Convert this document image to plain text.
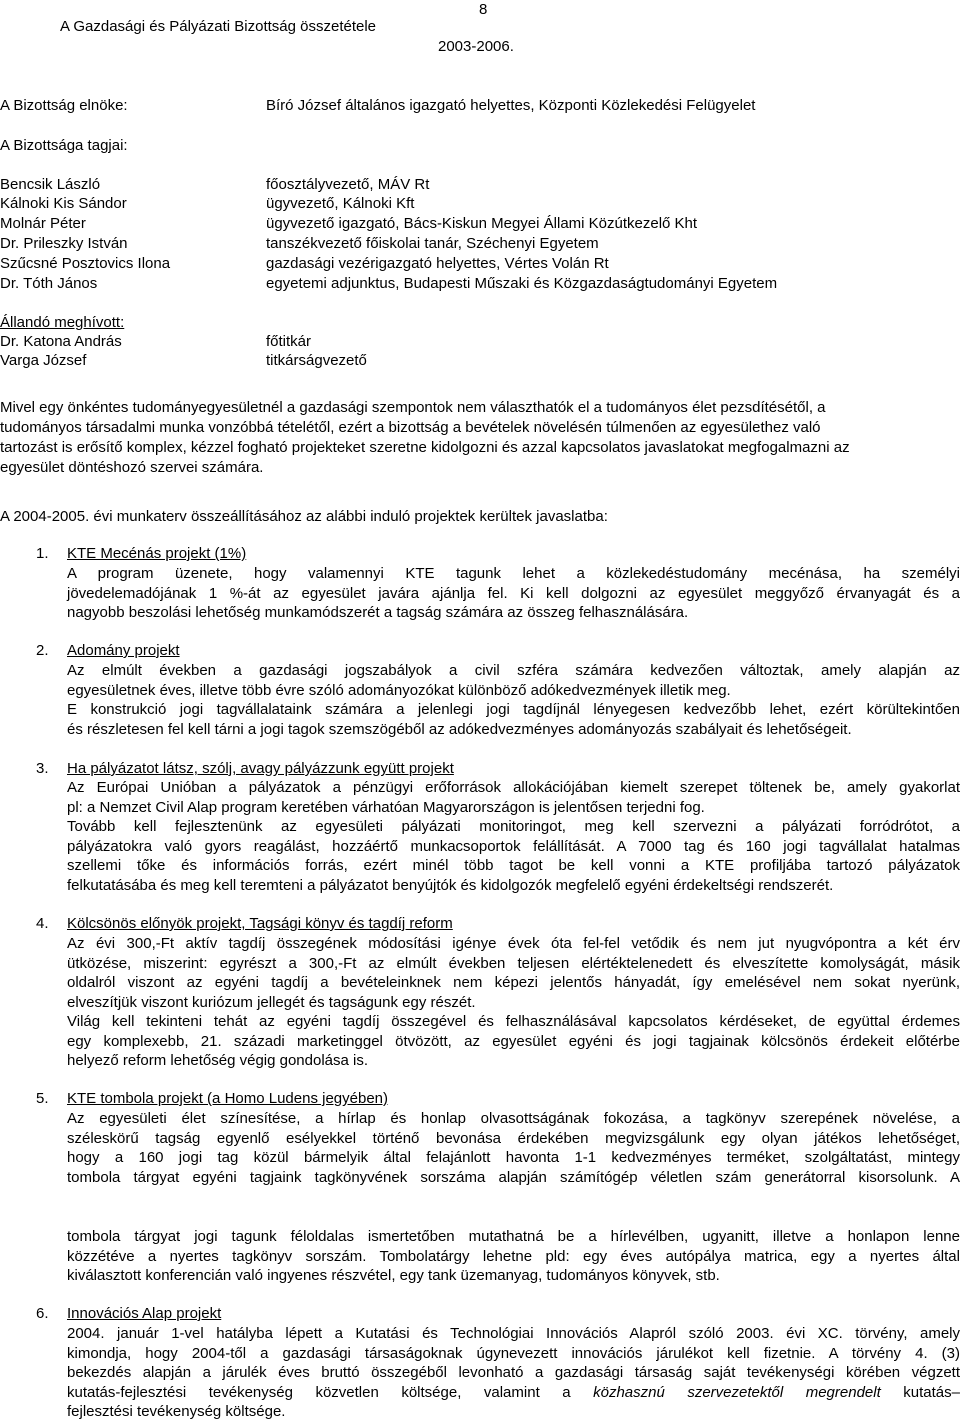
A Gazdasági és Pályázati Bizottság összetétele
8
2003-2006.
A Bizottság elnöke:	Bíró József általános igazgató helyettes, Központi Közlekedési Felügyelet
A Bizottsága tagjai:
Bencsik László	főosztályvezető, MÁV Rt
Kálnoki Kis Sándor	ügyvezető, Kálnoki Kft
Molnár Péter	ügyvezető igazgató, Bács-Kiskun Megyei Állami Közútkezelő Kht
Dr. Prileszky István	tanszékvezető főiskolai tanár, Széchenyi Egyetem
Szűcsné Posztovics Ilona	gazdasági vezérigazgató helyettes, Vértes Volán Rt
Dr. Tóth János	egyetemi adjunktus, Budapesti Műszaki és Közgazdaságtudományi Egyetem
Állandó meghívott:
Dr. Katona András	főtitkár
Varga József	titkárságvezető

Mivel egy önkéntes tudományegyesületnél a gazdasági szempontok nem választhatók el a tudományos élet pezsdítésétől, a

tudományos társadalmi munka vonzóbbá tételétől, ezért a bizottság a bevételek növelésén túlmenően az egyesülethez való

tartozást is erősítő komplex, kézzel fogható projekteket szeretne kidolgozni és azzal kapcsolatos javaslatokat megfogalmazni az

egyesület döntéshozó szervei számára.

A 2004-2005. évi munkaterv összeállításához az alábbi induló projektek kerültek javaslatba:
1. KTE Mecénás projekt (1%)

A program üzenete, hogy valamennyi KTE tagunk lehet a közlekedéstudomány mecénása, ha személyi

jövedelemadójának 1 %-át az egyesület javára ajánlja fel. Ki kell dolgozni az egyesület meggyőző érvanyagát és a

nagyobb beszolási lehetőség munkamódszerét a tagság számára az összeg felhasználására.

2. Adomány projekt

Az elmúlt években a gazdasági jogszabályok a civil szféra számára kedvezően változtak, amely alapján az

egyesületnek éves, illetve több évre szóló adományozókat különböző adókedvezmények illetik meg.

E konstrukció jogi tagvállalataink számára a jelenlegi jogi tagdíjnál lényegesen kedvezőbb lehet, ezért körültekintően

és részletesen fel kell tárni a jogi tagok szemszögéből az adókedvezményes adományozás szabályait és lehetőségeit.

3. Ha pályázatot látsz, szólj, avagy pályázzunk együtt projekt

Az Európai Unióban a pályázatok a pénzügyi erőforrások allokációjában kiemelt szerepet töltenek be, amely gyakorlat

pl: a Nemzet Civil Alap program keretében várhatóan Magyarországon is jelentősen terjedni fog.

Tovább kell fejlesztenünk az egyesületi pályázati monitoringot, meg kell szervezni a pályázati forródrótot, a

pályázatokra való gyors reagálást, hozzáértő munkacsoportok felállítását. A 7000 tag és 160 jogi tagvállalat hatalmas

szellemi tőke és információs forrás, ezért minél több tagot be kell vonni a KTE profiljába tartozó pályázatok

felkutatásába és meg kell teremteni a pályázatot benyújtók és kidolgozók megfelelő egyéni érdekeltségi rendszerét.

4. Kölcsönös előnyök projekt, Tagsági könyv és tagdíj reform

Az évi 300,-Ft aktív tagdíj összegének módosítási igénye évek óta fel-fel vetődik és nem jut nyugvópontra a két érv

ütközése, miszerint: egyrészt a 300,-Ft az elmúlt években teljesen elértéktelenedett és elveszítette komolyságát, másik

oldalról viszont az egyéni tagdíj a bevételeinknek nem képezi jelentős hányadát, így emelésével nem sokat nyerünk,

elveszítjük viszont kuriózum jellegét és tagságunk egy részét.

Világ kell tekinteni tehát az egyéni tagdíj összegével és felhasználásával kapcsolatos kérdéseket, de együttal érdemes

egy komplexebb, 21. századi marketinggel ötvözött, az egyesület egyéni és jogi tagjainak kölcsönös érdekeit előtérbe

helyező reform lehetőség végig gondolása is.

5. KTE tombola projekt (a Homo Ludens jegyében)

Az egyesületi élet színesítése, a hírlap és honlap olvasottságának fokozása, a tagkönyv szerepének növelése, a

széleskörű tagság egyenlő esélyekkel történő bevonása érdekében megvizsgálunk egy olyan játékos lehetőséget,

hogy a 160 jogi tag közül bármelyik által felajánlott havonta 1-1 kedvezményes terméket, szolgáltatást, mintegy

tombola tárgyat egyéni tagjaink tagkönyvének sorszáma alapján számítógép véletlen szám generátorral kisorsolunk. A

tombola tárgyat jogi tagunk féloldalas ismertetőben mutathatná be a hírlevélben, ugyanitt, illetve a honlapon lenne

közzétéve a nyertes tagkönyv sorszám. Tombolatárgy lehetne pld: egy éves autópálya matrica, egy a nyertes által

kiválasztott konferencián való ingyenes részvétel, egy tank üzemanyag, tudományos könyvek, stb.

6. Innovációs Alap projekt

2004. január 1-vel hatályba lépett a Kutatási és Technológiai Innovációs Alapról szóló 2003. évi XC. törvény, amely

kimondja, hogy 2004-től a gazdasági társaságoknak úgynevezett innovációs járulékot kell fizetnie. A törvény 4. (3)

bekezdés alapján a járulék éves bruttó összegéből levonható a gazdasági társaság saját tevékenységi körében végzett

kutatás-fejlesztési tevékenység közvetlen költsége, valamint a közhasznú szervezetektől megrendelt kutatás–

fejlesztési tevékenység költsége.
